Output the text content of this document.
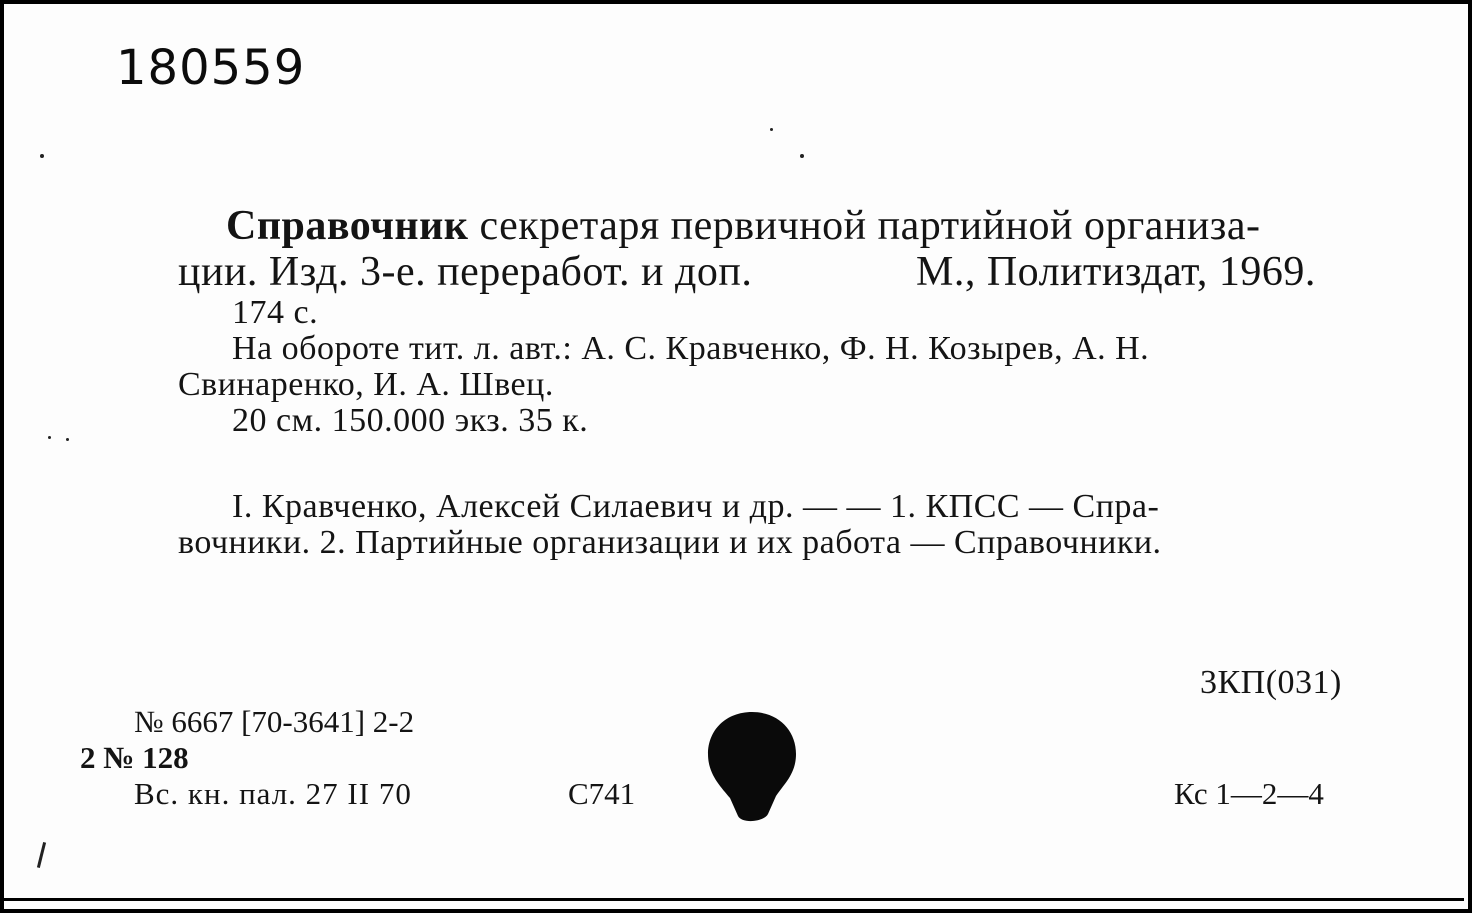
180559
Справочник секретаря первичной партийной организа-
ции. Изд. 3-е. переработ. и доп.	М., Политиздат, 1969.
174 с.
На обороте тит. л. авт.: А. С. Кравченко, Ф. Н. Козырев, А. Н.
Свинаренко, И. А. Швец.
20 см. 150.000 экз. 35 к.
I. Кравченко, Алексей Силаевич и др. — — 1. КПСС — Спра-
вочники. 2. Партийные организации и их работа — Справочники.
3КП(031)
№ 6667 [70-3641] 2-2
2 № 128
Вс. кн. пал. 27 II 70	С741	Кс 1—2—4
